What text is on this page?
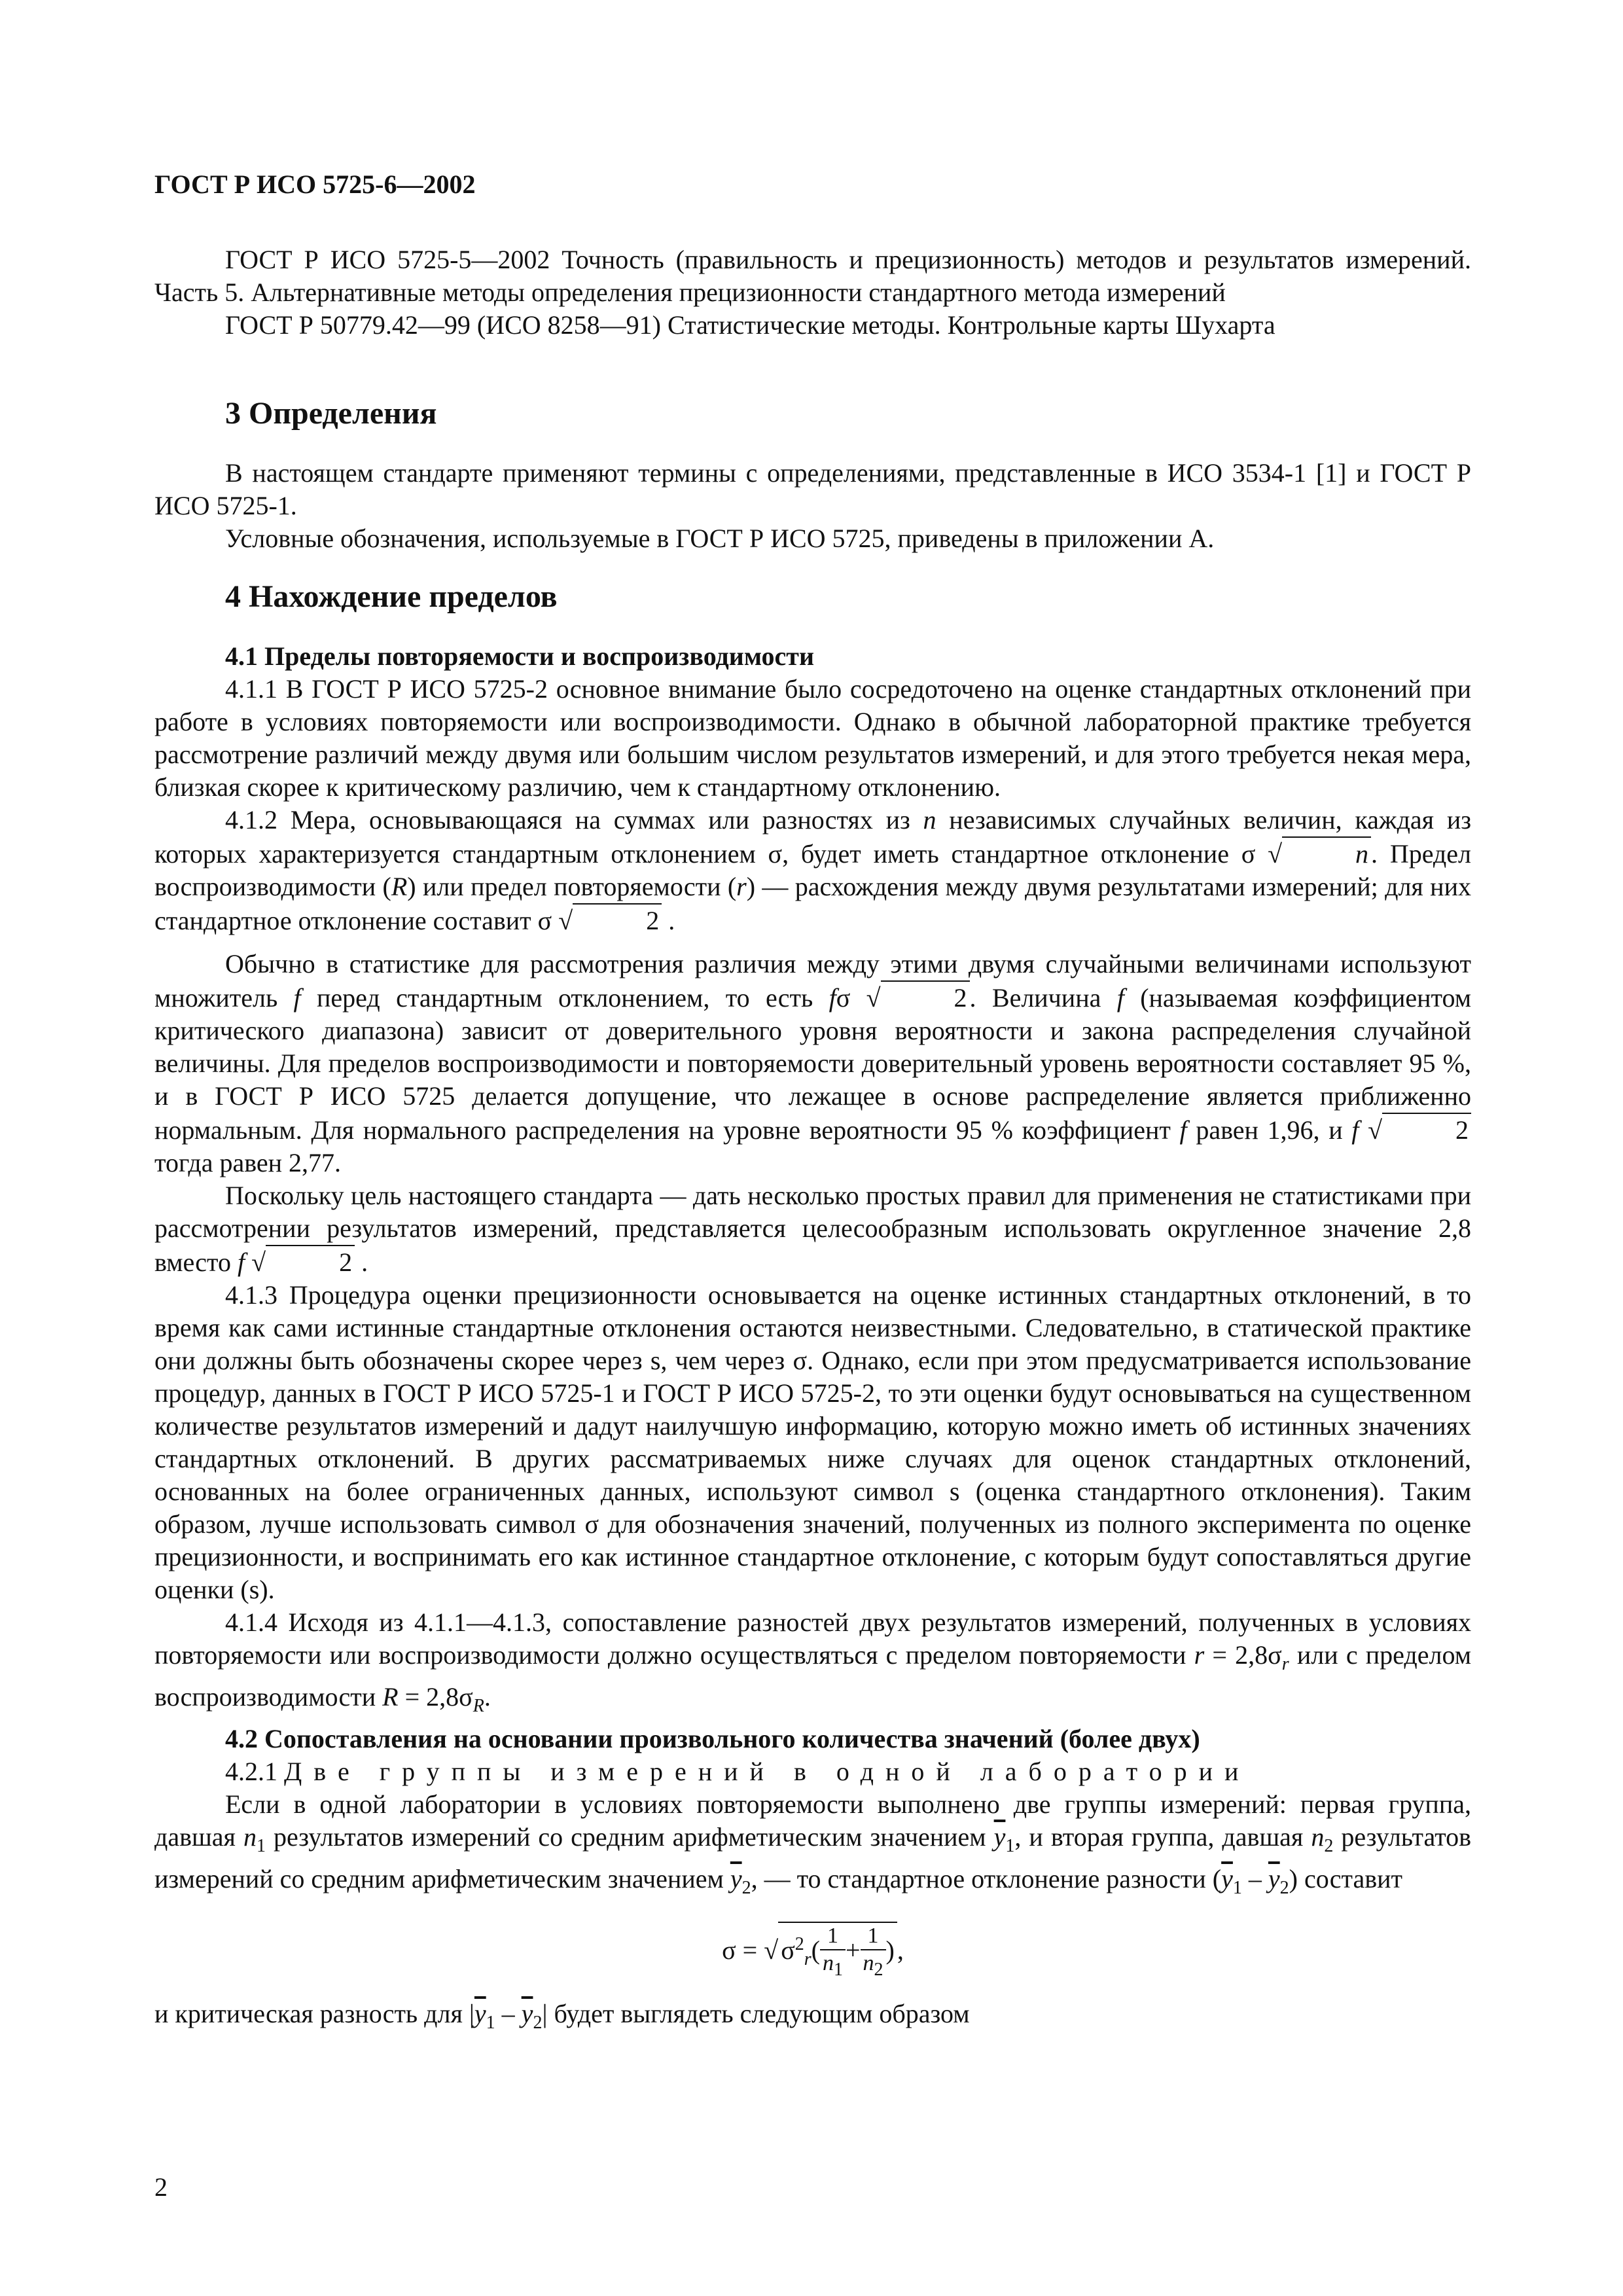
ГОСТ Р ИСО 5725-6—2002

ГОСТ Р ИСО 5725-5—2002 Точность (правильность и прецизионность) методов и результатов измерений. Часть 5. Альтернативные методы определения прецизионности стандартного метода измерений

ГОСТ Р 50779.42—99 (ИСО 8258—91) Статистические методы. Контрольные карты Шухарта

3 Определения

В настоящем стандарте применяют термины с определениями, представленные в ИСО 3534-1 [1] и ГОСТ Р ИСО 5725-1.

Условные обозначения, используемые в ГОСТ Р ИСО 5725, приведены в приложении А.

4 Нахождение пределов
4.1 Пределы повторяемости и воспроизводимости

4.1.1 В ГОСТ Р ИСО 5725-2 основное внимание было сосредоточено на оценке стандартных отклонений при работе в условиях повторяемости или воспроизводимости. Однако в обычной лабораторной практике требуется рассмотрение различий между двумя или большим числом результатов измерений, и для этого требуется некая мера, близкая скорее к критическому различию, чем к стандартному отклонению.

4.1.2 Мера, основывающаяся на суммах или разностях из n независимых случайных величин, каждая из которых характеризуется стандартным отклонением σ, будет иметь стандартное отклонение σ √	n . Предел воспроизводимости (R) или предел повторяемости (r) — расхождения между двумя результатами измерений; для них стандартное отклонение составит σ √	2 .

Обычно в статистике для рассмотрения различия между этими двумя случайными величинами используют множитель f перед стандартным отклонением, то есть fσ √	2 . Величина f (называемая коэффициентом критического диапазона) зависит от доверительного уровня вероятности и закона распределения случайной величины. Для пределов воспроизводимости и повторяемости доверительный уровень вероятности составляет 95 %, и в ГОСТ Р ИСО 5725 делается допущение, что лежащее в основе распределение является приближенно нормальным. Для нормального распределения на уровне вероятности 95 % коэффициент f равен 1,96, и f √	2 тогда равен 2,77.

Поскольку цель настоящего стандарта — дать несколько простых правил для применения не статистиками при рассмотрении результатов измерений, представляется целесообразным использовать округленное значение 2,8 вместо f √	2 .

4.1.3 Процедура оценки прецизионности основывается на оценке истинных стандартных отклонений, в то время как сами истинные стандартные отклонения остаются неизвестными. Следовательно, в статической практике они должны быть обозначены скорее через s, чем через σ. Однако, если при этом предусматривается использование процедур, данных в ГОСТ Р ИСО 5725-1 и ГОСТ Р ИСО 5725-2, то эти оценки будут основываться на существенном количестве результатов измерений и дадут наилучшую информацию, которую можно иметь об истинных значениях стандартных отклонений. В других рассматриваемых ниже случаях для оценок стандартных отклонений, основанных на более ограниченных данных, используют символ s (оценка стандартного отклонения). Таким образом, лучше использовать символ σ для обозначения значений, полученных из полного эксперимента по оценке прецизионности, и воспринимать его как истинное стандартное отклонение, с которым будут сопоставляться другие оценки (s).

4.1.4 Исходя из 4.1.1—4.1.3, сопоставление разностей двух результатов измерений, полученных в условиях повторяемости или воспроизводимости должно осуществляться с пределом повторяемости $r = 2,8\sigma_r$ или с пределом воспроизводимости $R = 2,8\sigma_R$.

4.2 Сопоставления на основании произвольного количества значений (более двух)

4.2.1 Две группы измерений в одной лаборатории

Если в одной лаборатории в условиях повторяемости выполнено две группы измерений: первая группа, давшая $n_1$ результатов измерений со средним арифметическим значением $\overline{y}_1$, и вторая группа, давшая $n_2$ результатов измерений со средним арифметическим значением $\overline{y}_2$, — то стандартное отклонение разности $(\overline{y}_1 - \overline{y}_2)$ составит

σ = √ $\sigma^2_r( \frac{1}{n_1} + \frac{1}{n_2}$ ) ,

и критическая разность для $|\overline{y}_1 - \overline{y}_2|$ будет выглядеть следующим образом

2
